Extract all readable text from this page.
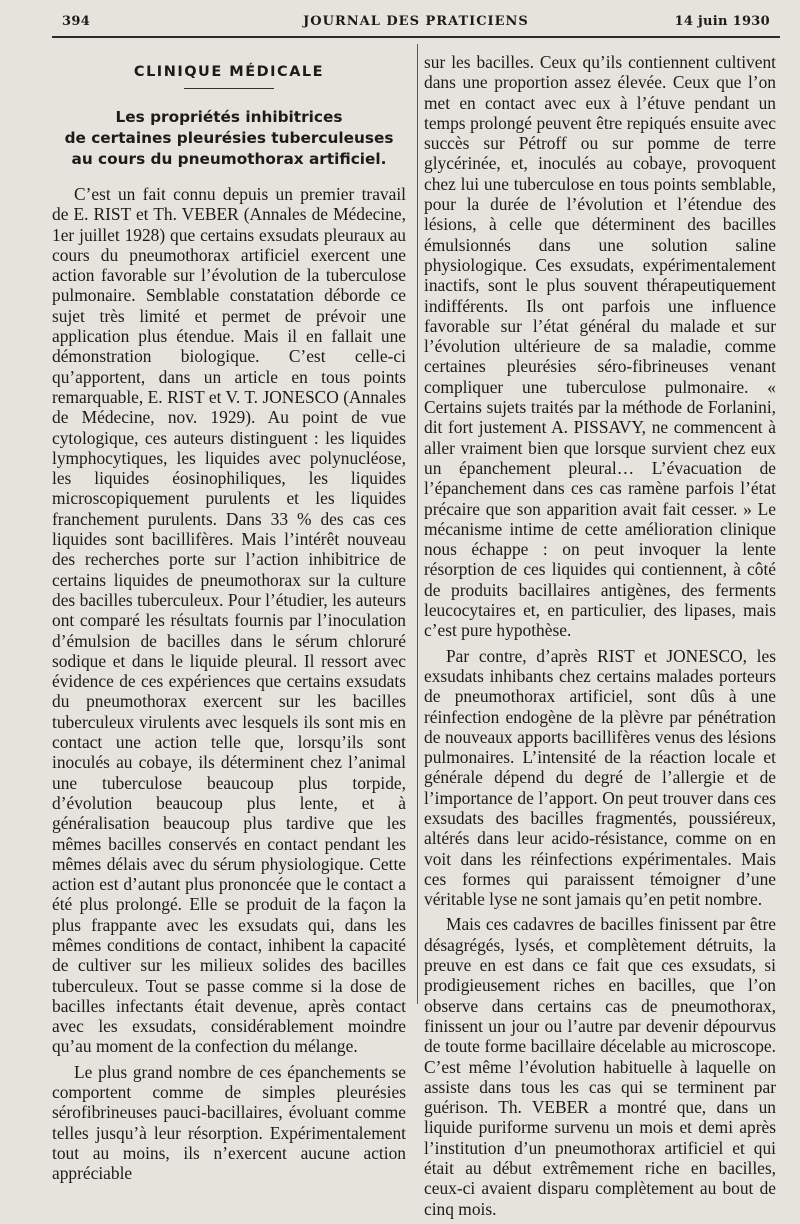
394	JOURNAL DES PRATICIENS	14 juin 1930
CLINIQUE MÉDICALE
Les propriétés inhibitrices
de certaines pleurésies tuberculeuses
au cours du pneumothorax artificiel.

C’est un fait connu depuis un premier travail de E. RIST et Th. VEBER (Annales de Médecine, 1er juillet 1928) que certains exsudats pleuraux au cours du pneumothorax artificiel exercent une action favorable sur l’évolution de la tuberculose pulmonaire. Semblable constatation déborde ce sujet très limité et permet de prévoir une application plus étendue. Mais il en fallait une démonstration biologique. C’est celle-ci qu’apportent, dans un article en tous points remarquable, E. RIST et V. T. JONESCO (Annales de Médecine, nov. 1929). Au point de vue cytologique, ces auteurs distinguent : les liquides lymphocytiques, les liquides avec polynucléose, les liquides éosinophiliques, les liquides microscopiquement purulents et les liquides franchement purulents. Dans 33 % des cas ces liquides sont bacillifères. Mais l’intérêt nouveau des recherches porte sur l’action inhibitrice de certains liquides de pneumothorax sur la culture des bacilles tuberculeux. Pour l’étudier, les auteurs ont comparé les résultats fournis par l’inoculation d’émulsion de bacilles dans le sérum chloruré sodique et dans le liquide pleural. Il ressort avec évidence de ces expériences que certains exsudats du pneumothorax exercent sur les bacilles tuberculeux virulents avec lesquels ils sont mis en contact une action telle que, lorsqu’ils sont inoculés au cobaye, ils déterminent chez l’animal une tuberculose beaucoup plus torpide, d’évolution beaucoup plus lente, et à généralisation beaucoup plus tardive que les mêmes bacilles conservés en contact pendant les mêmes délais avec du sérum physiologique. Cette action est d’autant plus prononcée que le contact a été plus prolongé. Elle se produit de la façon la plus frappante avec les exsudats qui, dans les mêmes conditions de contact, inhibent la capacité de cultiver sur les milieux solides des bacilles tuberculeux. Tout se passe comme si la dose de bacilles infectants était devenue, après contact avec les exsudats, considérablement moindre qu’au moment de la confection du mélange.

Le plus grand nombre de ces épanchements se comportent comme de simples pleurésies sérofibrineuses pauci-bacillaires, évoluant comme telles jusqu’à leur résorption. Expérimentalement tout au moins, ils n’exercent aucune action appréciable

sur les bacilles. Ceux qu’ils contiennent cultivent dans une proportion assez élevée. Ceux que l’on met en contact avec eux à l’étuve pendant un temps prolongé peuvent être repiqués ensuite avec succès sur Pétroff ou sur pomme de terre glycérinée, et, inoculés au cobaye, provoquent chez lui une tuberculose en tous points semblable, pour la durée de l’évolution et l’étendue des lésions, à celle que déterminent des bacilles émulsionnés dans une solution saline physiologique. Ces exsudats, expérimentalement inactifs, sont le plus souvent thérapeutiquement indifférents. Ils ont parfois une influence favorable sur l’état général du malade et sur l’évolution ultérieure de sa maladie, comme certaines pleurésies séro-fibrineuses venant compliquer une tuberculose pulmonaire. « Certains sujets traités par la méthode de Forlanini, dit fort justement A. PISSAVY, ne commencent à aller vraiment bien que lorsque survient chez eux un épanchement pleural… L’évacuation de l’épanchement dans ces cas ramène parfois l’état précaire que son apparition avait fait cesser. » Le mécanisme intime de cette amélioration clinique nous échappe : on peut invoquer la lente résorption de ces liquides qui contiennent, à côté de produits bacillaires antigènes, des ferments leucocytaires et, en particulier, des lipases, mais c’est pure hypothèse.

Par contre, d’après RIST et JONESCO, les exsudats inhibants chez certains malades porteurs de pneumothorax artificiel, sont dûs à une réinfection endogène de la plèvre par pénétration de nouveaux apports bacillifères venus des lésions pulmonaires. L’intensité de la réaction locale et générale dépend du degré de l’allergie et de l’importance de l’apport. On peut trouver dans ces exsudats des bacilles fragmentés, poussiéreux, altérés dans leur acido-résistance, comme on en voit dans les réinfections expérimentales. Mais ces formes qui paraissent témoigner d’une véritable lyse ne sont jamais qu’en petit nombre.

Mais ces cadavres de bacilles finissent par être désagrégés, lysés, et complètement détruits, la preuve en est dans ce fait que ces exsudats, si prodigieusement riches en bacilles, que l’on observe dans certains cas de pneumothorax, finissent un jour ou l’autre par devenir dépourvus de toute forme bacillaire décelable au microscope. C’est même l’évolution habituelle à laquelle on assiste dans tous les cas qui se terminent par guérison. Th. VEBER a montré que, dans un liquide puriforme survenu un mois et demi après l’institution d’un pneumothorax artificiel et qui était au début extrêmement riche en bacilles, ceux-ci avaient disparu complètement au bout de cinq mois.
